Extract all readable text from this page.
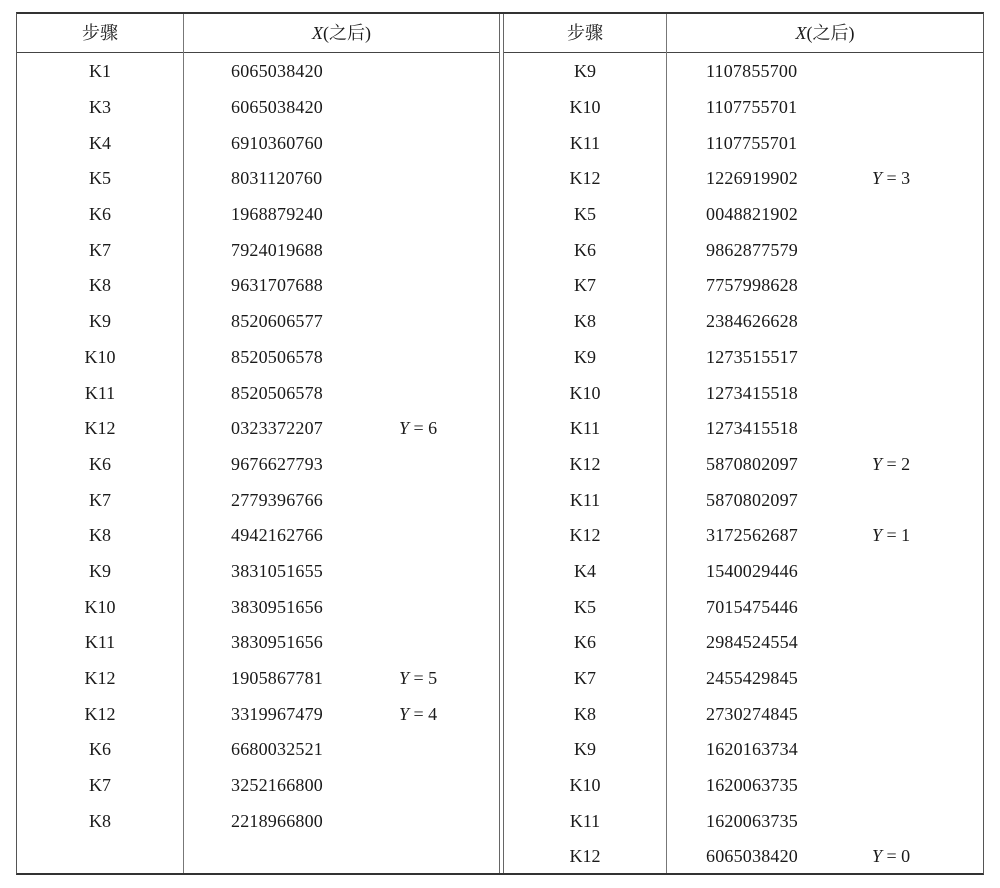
步骤	X(之后)
K1	6065038420
K3	6065038420
K4	6910360760
K5	8031120760
K6	1968879240
K7	7924019688
K8	9631707688
K9	8520606577
K10	8520506578
K11	8520506578
K12	0323372207	Y = 6
K6	9676627793
K7	2779396766
K8	4942162766
K9	3831051655
K10	3830951656
K11	3830951656
K12	1905867781	Y = 5
K12	3319967479	Y = 4
K6	6680032521
K7	3252166800
K8	2218966800
步骤	X(之后)
K9	1107855700
K10	1107755701
K11	1107755701
K12	1226919902	Y = 3
K5	0048821902
K6	9862877579
K7	7757998628
K8	2384626628
K9	1273515517
K10	1273415518
K11	1273415518
K12	5870802097	Y = 2
K11	5870802097
K12	3172562687	Y = 1
K4	1540029446
K5	7015475446
K6	2984524554
K7	2455429845
K8	2730274845
K9	1620163734
K10	1620063735
K11	1620063735
K12	6065038420	Y = 0
